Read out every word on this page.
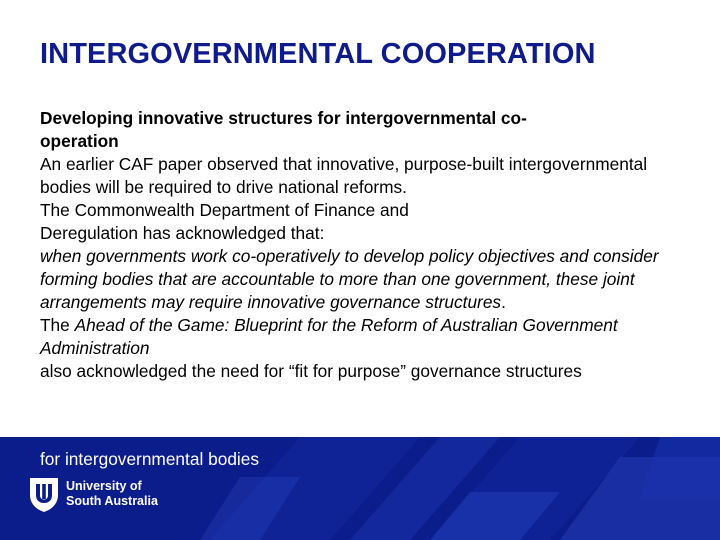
INTERGOVERNMENTAL COOPERATION

Developing innovative structures for intergovernmental co-
operation

An earlier CAF paper observed that innovative, purpose-built intergovernmental bodies will be required to drive national reforms.

The Commonwealth Department of Finance and
Deregulation has acknowledged that:

when governments work co-operatively to develop policy objectives and consider forming bodies that are accountable to more than one government, these joint arrangements may require innovative governance structures.

The Ahead of the Game: Blueprint for the Reform of Australian Government Administration

also acknowledged the need for “fit for purpose” governance structures

for intergovernmental bodies
University of
South Australia
